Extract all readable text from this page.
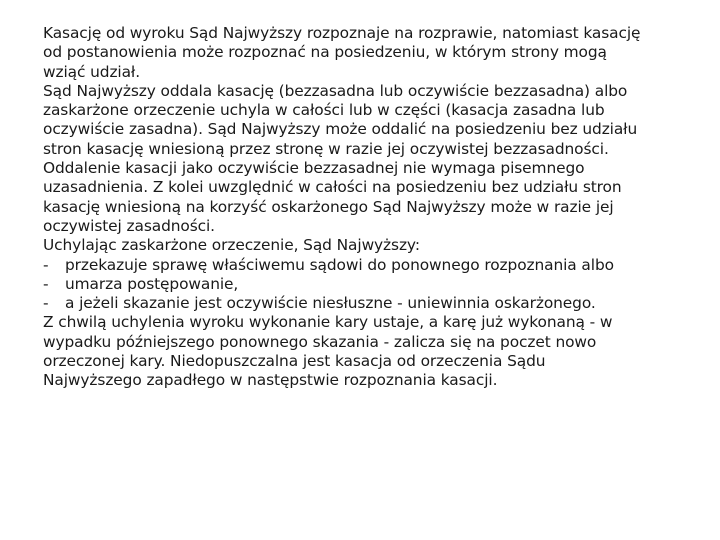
Kasację od wyroku Sąd Najwyższy rozpoznaje na rozprawie, natomiast kasację
od postanowienia może rozpoznać na posiedzeniu, w którym strony mogą
wziąć udział.
Sąd Najwyższy oddala kasację (bezzasadna lub oczywiście bezzasadna) albo
zaskarżone orzeczenie uchyla w całości lub w części (kasacja zasadna lub
oczywiście zasadna). Sąd Najwyższy może oddalić na posiedzeniu bez udziału
stron kasację wniesioną przez stronę w razie jej oczywistej bezzasadności.
Oddalenie kasacji jako oczywiście bezzasadnej nie wymaga pisemnego
uzasadnienia. Z kolei uwzględnić w całości na posiedzeniu bez udziału stron
kasację wniesioną na korzyść oskarżonego Sąd Najwyższy może w razie jej
oczywistej zasadności.
Uchylając zaskarżone orzeczenie, Sąd Najwyższy:
- przekazuje sprawę właściwemu sądowi do ponownego rozpoznania albo
- umarza postępowanie,
- a jeżeli skazanie jest oczywiście niesłuszne - uniewinnia oskarżonego.
Z chwilą uchylenia wyroku wykonanie kary ustaje, a karę już wykonaną - w
wypadku późniejszego ponownego skazania - zalicza się na poczet nowo
orzeczonej kary. Niedopuszczalna jest kasacja od orzeczenia Sądu
Najwyższego zapadłego w następstwie rozpoznania kasacji.
